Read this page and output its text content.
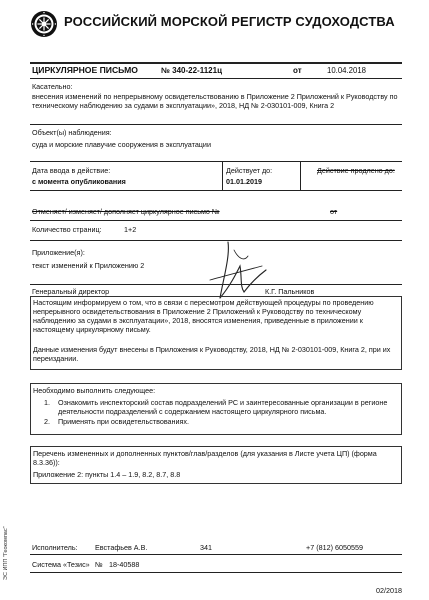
РОССИЙСКИЙ МОРСКОЙ РЕГИСТР СУДОХОДСТВА
ЦИРКУЛЯРНОЕ ПИСЬМО	№ 340-22-1121ц	от	10.04.2018
Касательно:
внесения изменений по непрерывному освидетельствованию в Приложение 2 Приложений к Руководству по техническому наблюдению за судами в эксплуатации», 2018, НД № 2-030101-009, Книга 2
Объект(ы) наблюдения:
суда и морские плавучие сооружения в эксплуатации
Дата ввода в действие:
с момента опубликования
Действует до:
01.01.2019
Действие продлено до:
Отменяет/ изменяет/ дополняет циркулярное письмо №	от
Количество страниц:	1+2
Приложение(я):
текст изменений к Приложению 2
Генеральный директор	К.Г. Пальников
Настоящим информируем о том, что в связи с пересмотром действующей процедуры по проведению непрерывного освидетельствования в Приложение 2 Приложений к Руководству по техническому наблюдению за судами в эксплуатации», 2018, вносятся изменения, приведенные в приложении к настоящему циркулярному письму.
Данные изменения будут внесены в Приложения к Руководству, 2018, НД № 2-030101-009, Книга 2, при их переиздании.
Необходимо выполнить следующее:
1. Ознакомить инспекторский состав подразделений РС и заинтересованные организации в регионе деятельности подразделений с содержанием настоящего циркулярного письма.
2. Применять при освидетельствованиях.
Перечень измененных и дополненных пунктов/глав/разделов (для указания в Листе учета ЦП) (форма 8.3.36)):
Приложение 2: пункты 1.4 – 1.9, 8.2, 8.7, 8.8
ЭС ИПП "Геокомпас"	Исполнитель: Евстафьев А.В.	341	+7 (812) 6050559
Система «Тезис» № 18-40588
02/2018
